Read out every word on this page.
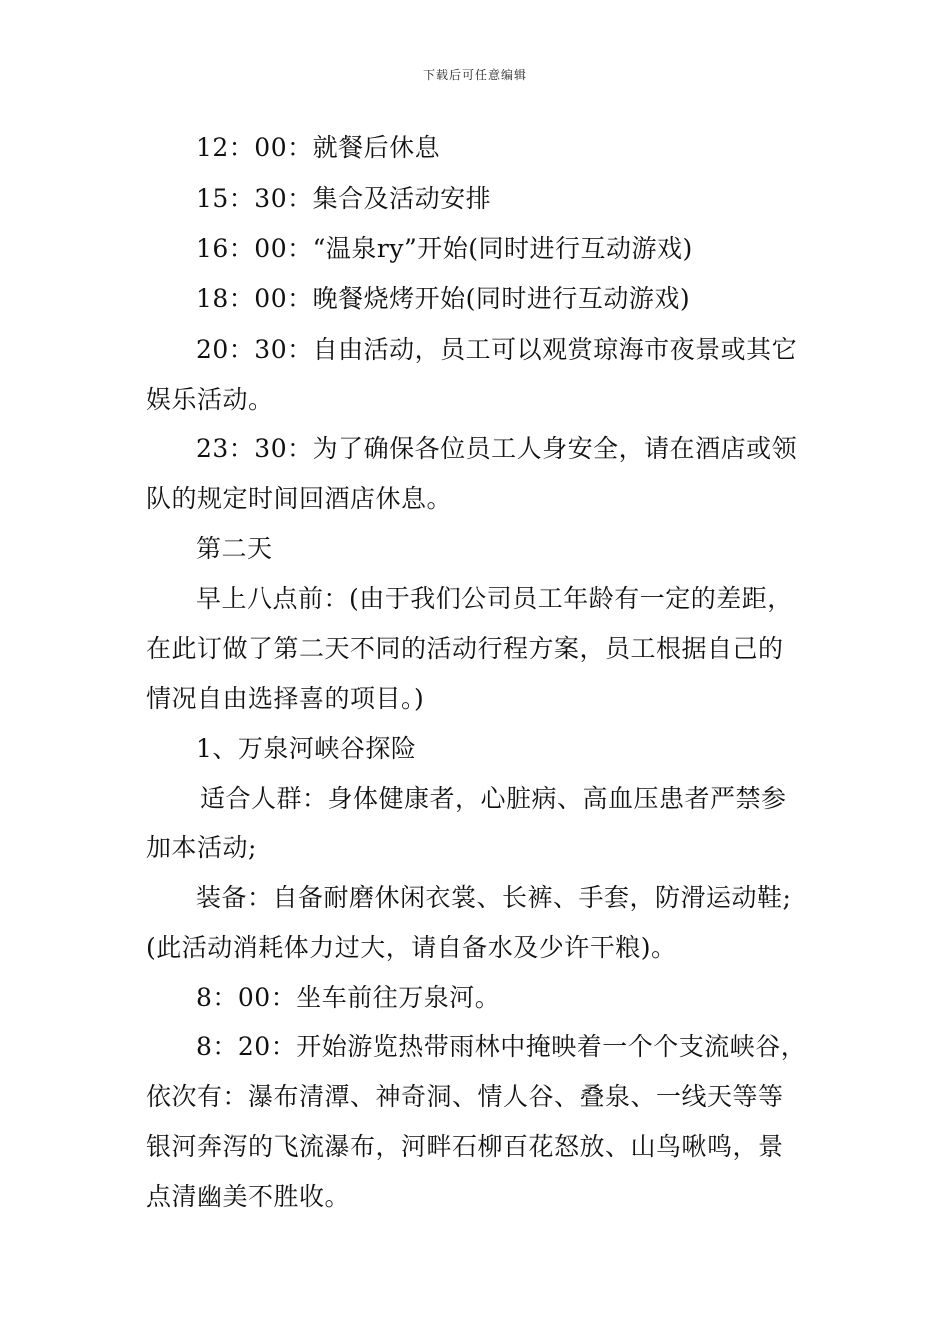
下载后可任意编辑
12：00：就餐后休息
15：30：集合及活动安排
16：00：“温泉ry”开始(同时进行互动游戏)
18：00：晚餐烧烤开始(同时进行互动游戏)
20：30：自由活动，员工可以观赏琼海市夜景或其它
娱乐活动。
23：30：为了确保各位员工人身安全，请在酒店或领
队的规定时间回酒店休息。
第二天
早上八点前：(由于我们公司员工年龄有一定的差距，
在此订做了第二天不同的活动行程方案，员工根据自己的
情况自由选择喜的项目。)
1、万泉河峡谷探险
适合人群：身体健康者，心脏病、高血压患者严禁参
加本活动;
装备：自备耐磨休闲衣裳、长裤、手套，防滑运动鞋;
(此活动消耗体力过大，请自备水及少许干粮)。
8：00：坐车前往万泉河。
8：20：开始游览热带雨林中掩映着一个个支流峡谷，
依次有：瀑布清潭、神奇洞、情人谷、叠泉、一线天等等
银河奔泻的飞流瀑布，河畔石柳百花怒放、山鸟啾鸣，景
点清幽美不胜收。
